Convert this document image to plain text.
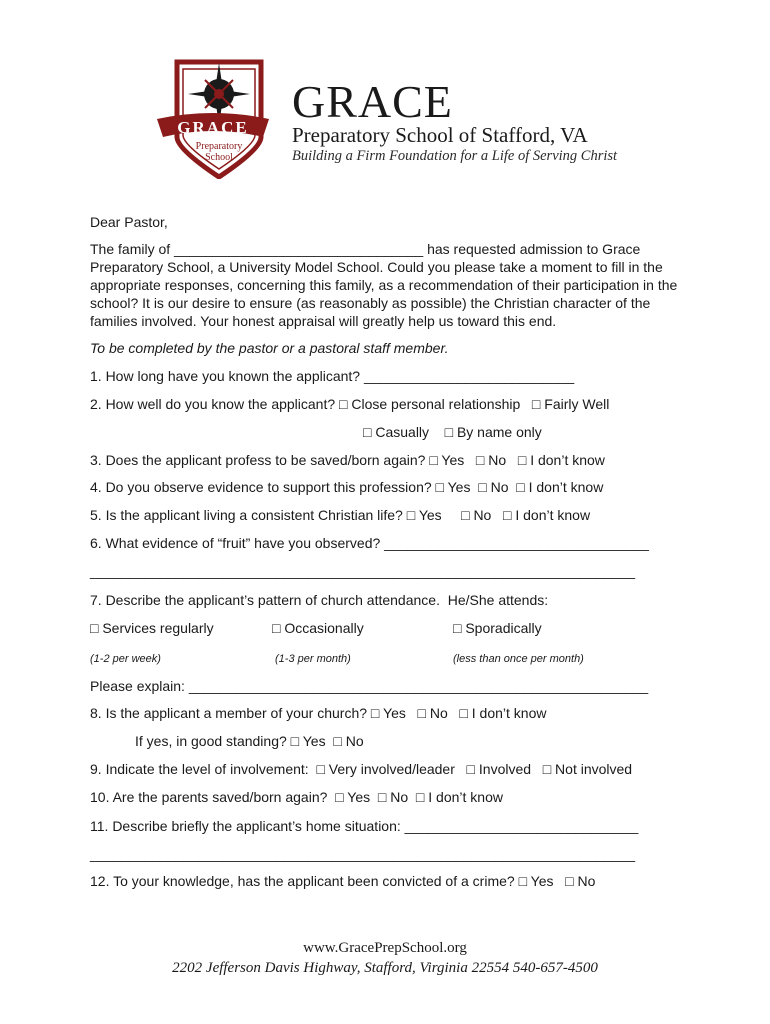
GRACE
Preparatory
School
GRACE
Preparatory School of Stafford, VA
Building a Firm Foundation for a Life of Serving Christ
Dear Pastor,
The family of ________________________________ has requested admission to Grace Preparatory School, a University Model School. Could you please take a moment to fill in the appropriate responses, concerning this family, as a recommendation of their participation in the school? It is our desire to ensure (as reasonably as possible) the Christian character of the families involved. Your honest appraisal will greatly help us toward this end.
To be completed by the pastor or a pastoral staff member.
1. How long have you known the applicant? ___________________________
2. How well do you know the applicant? □ Close personal relationship   □ Fairly Well
□ Casually    □ By name only
3. Does the applicant profess to be saved/born again? □ Yes   □ No   □ I don’t know
4. Do you observe evidence to support this profession? □ Yes  □ No  □ I don’t know
5. Is the applicant living a consistent Christian life? □ Yes     □ No   □ I don’t know
6. What evidence of “fruit” have you observed? __________________________________
______________________________________________________________________
7. Describe the applicant’s pattern of church attendance.  He/She attends:
□ Services regularly	□ Occasionally	□ Sporadically
(1-2 per week)	(1-3 per month)	(less than once per month)
Please explain: ___________________________________________________________
8. Is the applicant a member of your church? □ Yes   □ No   □ I don’t know
If yes, in good standing? □ Yes  □ No
9. Indicate the level of involvement:  □ Very involved/leader   □ Involved   □ Not involved
10. Are the parents saved/born again?  □ Yes  □ No  □ I don’t know
11. Describe briefly the applicant’s home situation: ______________________________
______________________________________________________________________
12. To your knowledge, has the applicant been convicted of a crime? □ Yes   □ No
www.GracePrepSchool.org
2202 Jefferson Davis Highway, Stafford, Virginia 22554 540-657-4500
